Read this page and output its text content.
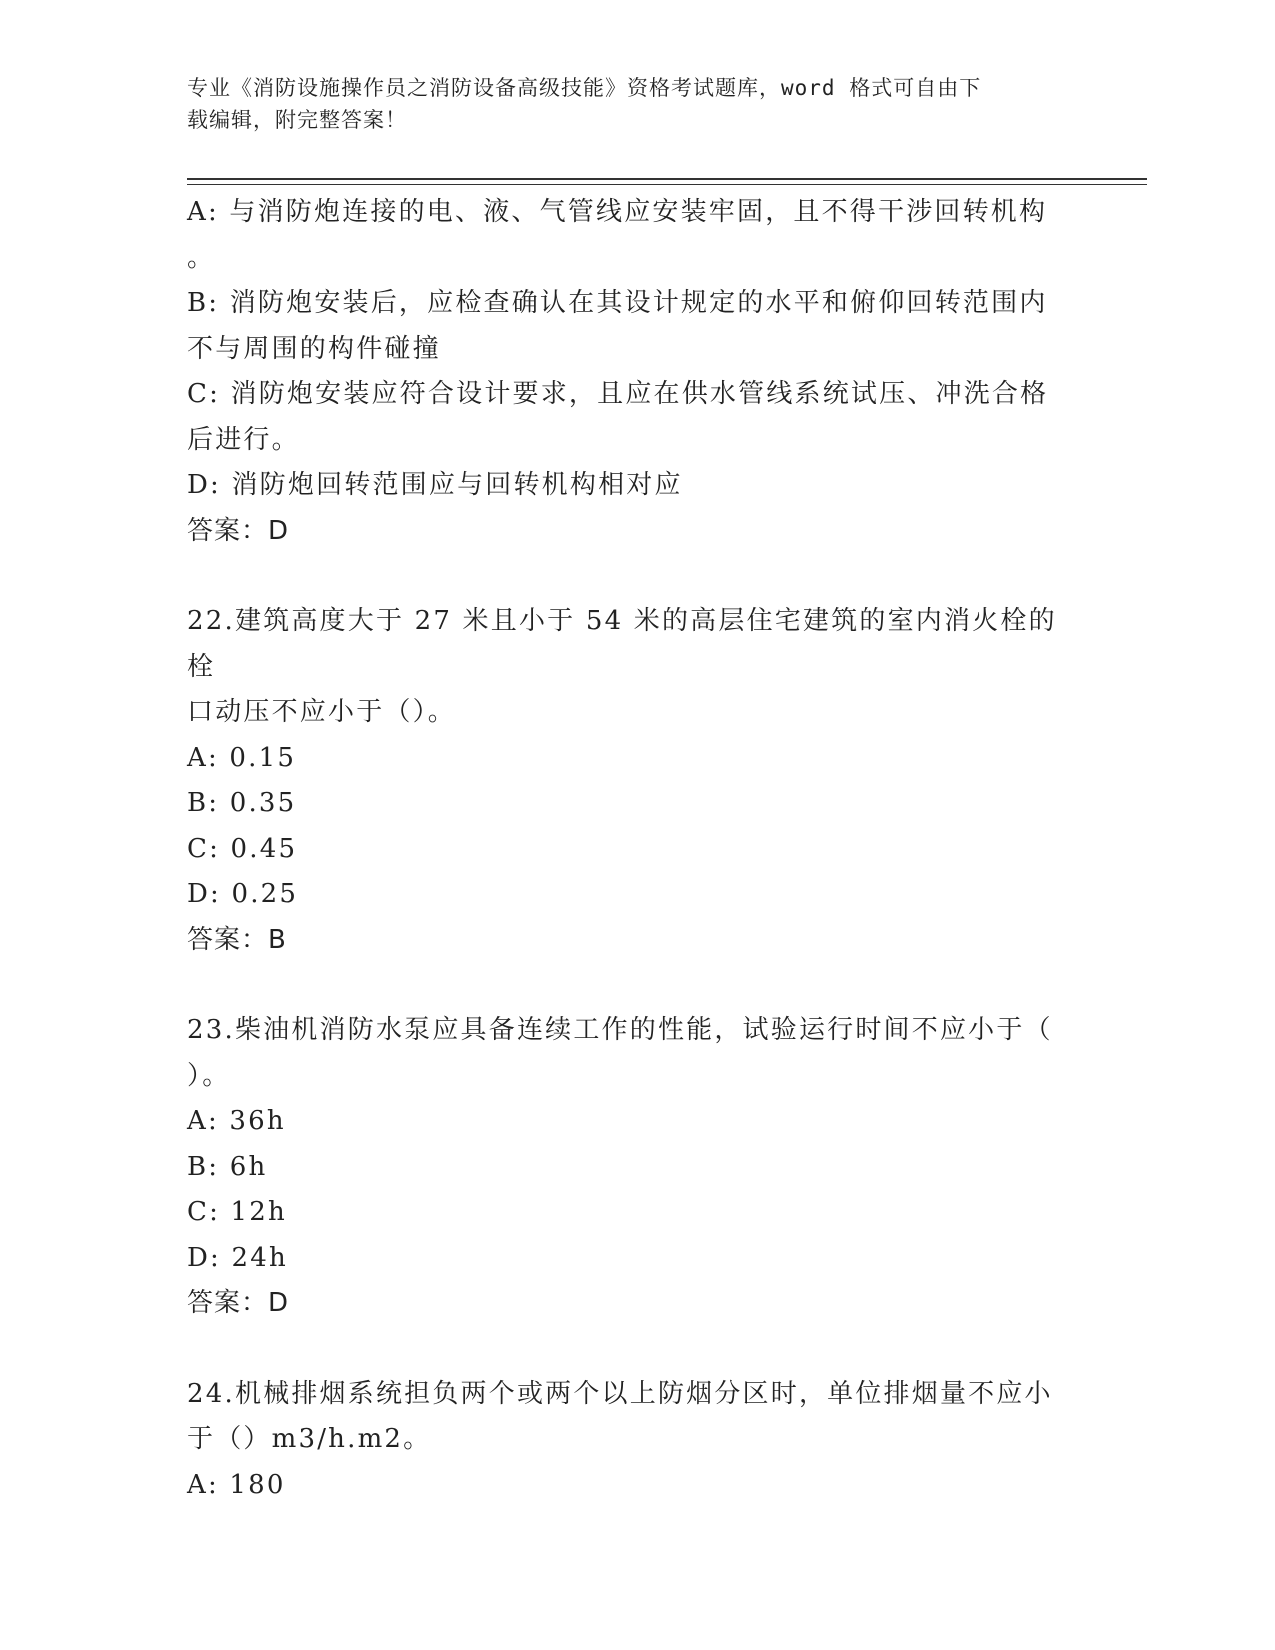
专业《消防设施操作员之消防设备高级技能》资格考试题库，word 格式可自由下
载编辑，附完整答案！

A: 与消防炮连接的电、液、气管线应安装牢固，且不得干涉回转机构

。

B: 消防炮安装后，应检查确认在其设计规定的水平和俯仰回转范围内

不与周围的构件碰撞

C: 消防炮安装应符合设计要求，且应在供水管线系统试压、冲洗合格

后进行。

D: 消防炮回转范围应与回转机构相对应

答案：D

22.建筑高度大于 27 米且小于 54 米的高层住宅建筑的室内消火栓的栓

口动压不应小于（）。

A: 0.15

B: 0.35

C: 0.45

D: 0.25

答案：B

23.柴油机消防水泵应具备连续工作的性能，试验运行时间不应小于（

）。

A: 36h

B: 6h

C: 12h

D: 24h

答案：D

24.机械排烟系统担负两个或两个以上防烟分区时，单位排烟量不应小

于（）m3/h.m2。

A: 180
